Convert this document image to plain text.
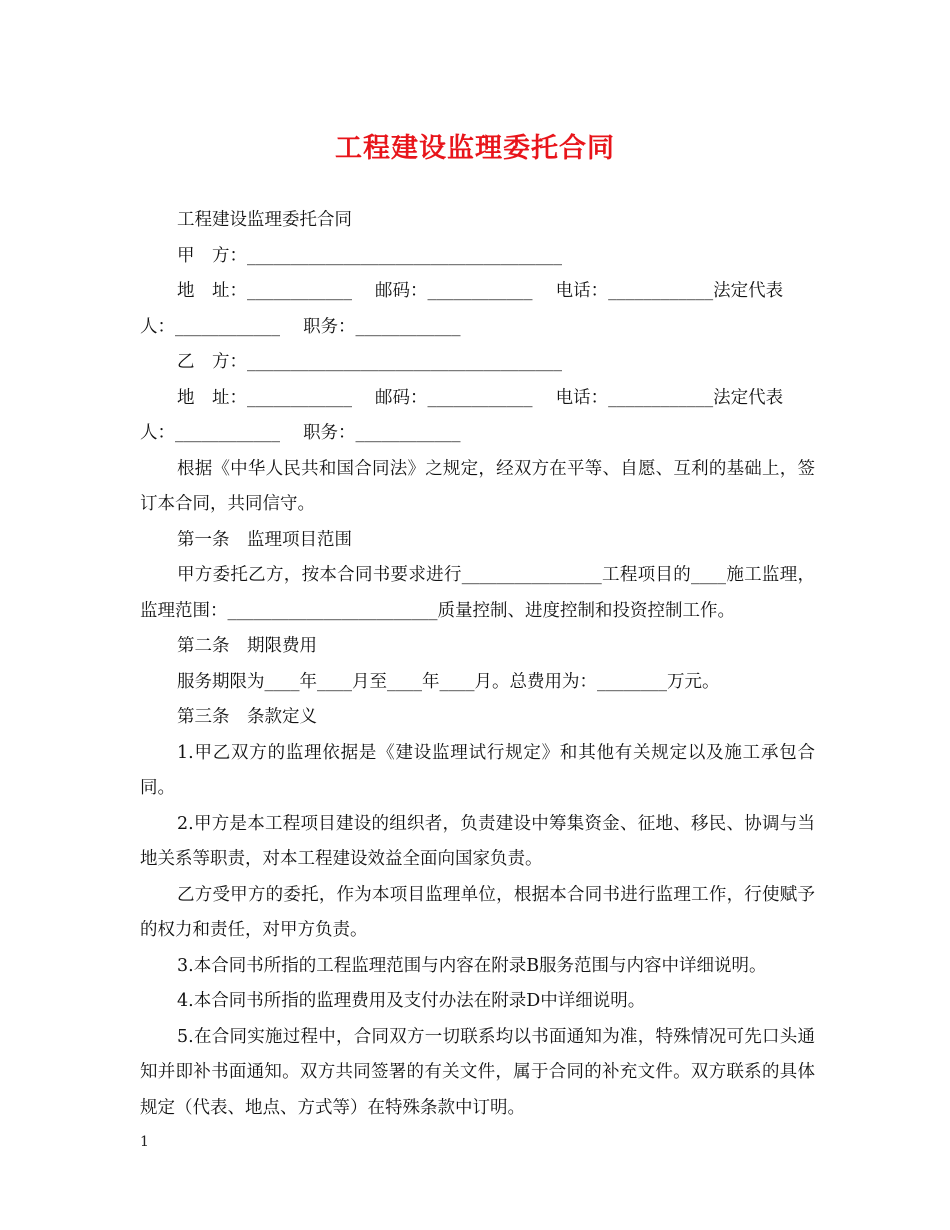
工程建设监理委托合同

工程建设监理委托合同

甲　方：____________________________________

地　址：____________　 邮码：____________　 电话：____________法定代表

人：____________　 职务：____________

乙　方：____________________________________

地　址：____________　 邮码：____________　 电话：____________法定代表

人：____________　 职务：____________

根据《中华人民共和国合同法》之规定，经双方在平等、自愿、互利的基础上，签订本合同，共同信守。

第一条　监理项目范围

甲方委托乙方，按本合同书要求进行________________工程项目的____施工监理，监理范围：________________________质量控制、进度控制和投资控制工作。

第二条　期限费用

服务期限为____年____月至____年____月。总费用为：________万元。

第三条　条款定义

1.甲乙双方的监理依据是《建设监理试行规定》和其他有关规定以及施工承包合同。

2.甲方是本工程项目建设的组织者，负责建设中筹集资金、征地、移民、协调与当地关系等职责，对本工程建设效益全面向国家负责。

乙方受甲方的委托，作为本项目监理单位，根据本合同书进行监理工作，行使赋予的权力和责任，对甲方负责。

3.本合同书所指的工程监理范围与内容在附录B服务范围与内容中详细说明。

4.本合同书所指的监理费用及支付办法在附录D中详细说明。

5.在合同实施过程中，合同双方一切联系均以书面通知为准，特殊情况可先口头通知并即补书面通知。双方共同签署的有关文件，属于合同的补充文件。双方联系的具体规定（代表、地点、方式等）在特殊条款中订明。

1
